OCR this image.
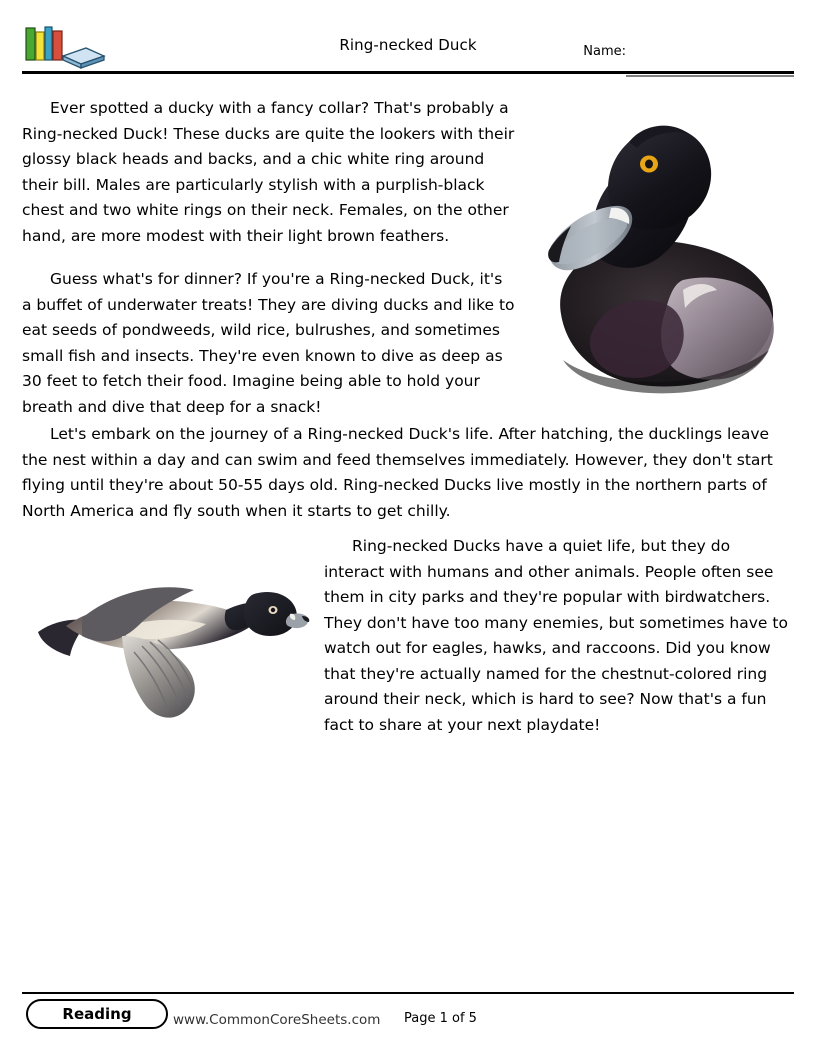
Ring-necked Duck	Name:

Ever spotted a ducky with a fancy collar? That's probably a Ring-necked Duck! These ducks are quite the lookers with their glossy black heads and backs, and a chic white ring around their bill. Males are particularly stylish with a purplish-black chest and two white rings on their neck. Females, on the other hand, are more modest with their light brown feathers.

Guess what's for dinner? If you're a Ring-necked Duck, it's a buffet of underwater treats! They are diving ducks and like to eat seeds of pondweeds, wild rice, bulrushes, and sometimes small fish and insects. They're even known to dive as deep as 30 feet to fetch their food. Imagine being able to hold your breath and dive that deep for a snack!

Let's embark on the journey of a Ring-necked Duck's life. After hatching, the ducklings leave the nest within a day and can swim and feed themselves immediately. However, they don't start flying until they're about 50-55 days old. Ring-necked Ducks live mostly in the northern parts of North America and fly south when it starts to get chilly.

Ring-necked Ducks have a quiet life, but they do interact with humans and other animals. People often see them in city parks and they're popular with birdwatchers. They don't have too many enemies, but sometimes have to watch out for eagles, hawks, and raccoons. Did you know that they're actually named for the chestnut-colored ring around their neck, which is hard to see? Now that's a fun fact to share at your next playdate!

Reading	www.CommonCoreSheets.com Page 1 of 5
